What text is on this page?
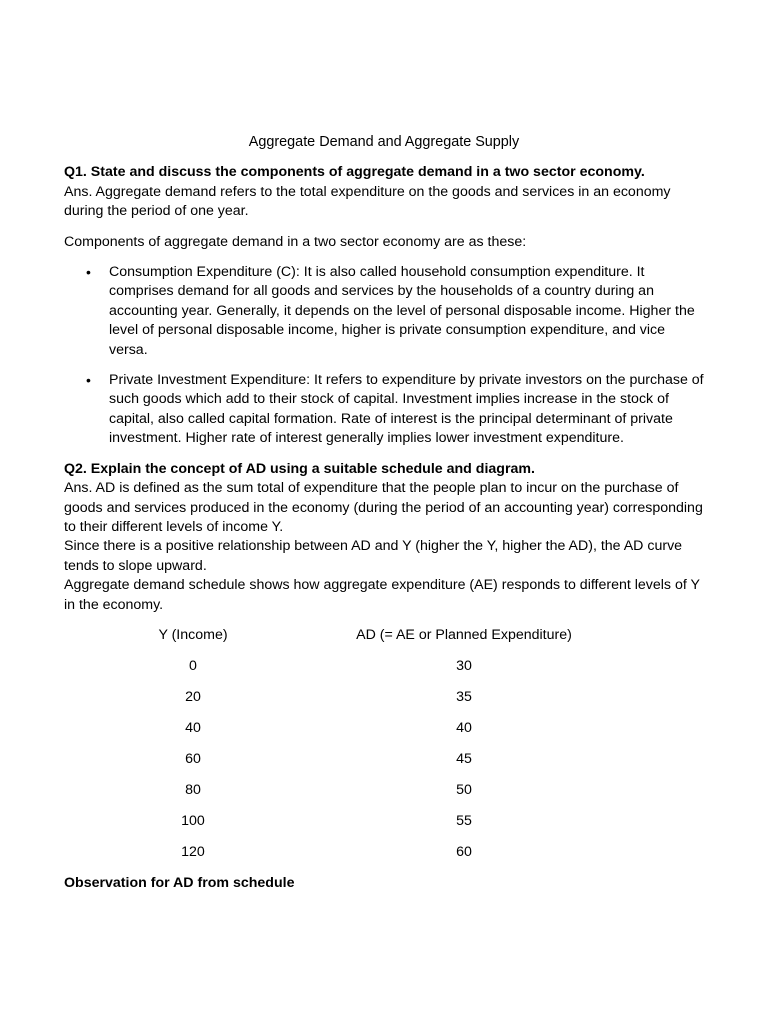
Aggregate Demand and Aggregate Supply

Q1. State and discuss the components of aggregate demand in a two sector economy.

Ans. Aggregate demand refers to the total expenditure on the goods and services in an economy during the period of one year.

Components of aggregate demand in a two sector economy are as these:

• Consumption Expenditure (C): It is also called household consumption expenditure. It comprises demand for all goods and services by the households of a country during an accounting year. Generally, it depends on the level of personal disposable income. Higher the level of personal disposable income, higher is private consumption expenditure, and vice versa.
• Private Investment Expenditure: It refers to expenditure by private investors on the purchase of such goods which add to their stock of capital. Investment implies increase in the stock of capital, also called capital formation. Rate of interest is the principal determinant of private investment. Higher rate of interest generally implies lower investment expenditure.

Q2. Explain the concept of AD using a suitable schedule and diagram.

Ans. AD is defined as the sum total of expenditure that the people plan to incur on the purchase of goods and services produced in the economy (during the period of an accounting year) corresponding to their different levels of income Y.

Since there is a positive relationship between AD and Y (higher the Y, higher the AD), the AD curve tends to slope upward.

Aggregate demand schedule shows how aggregate expenditure (AE) responds to different levels of Y in the economy.

Y (Income)	AD (= AE or Planned Expenditure)
0	30
20	35
40	40
60	45
80	50
100	55
120	60

Observation for AD from schedule
